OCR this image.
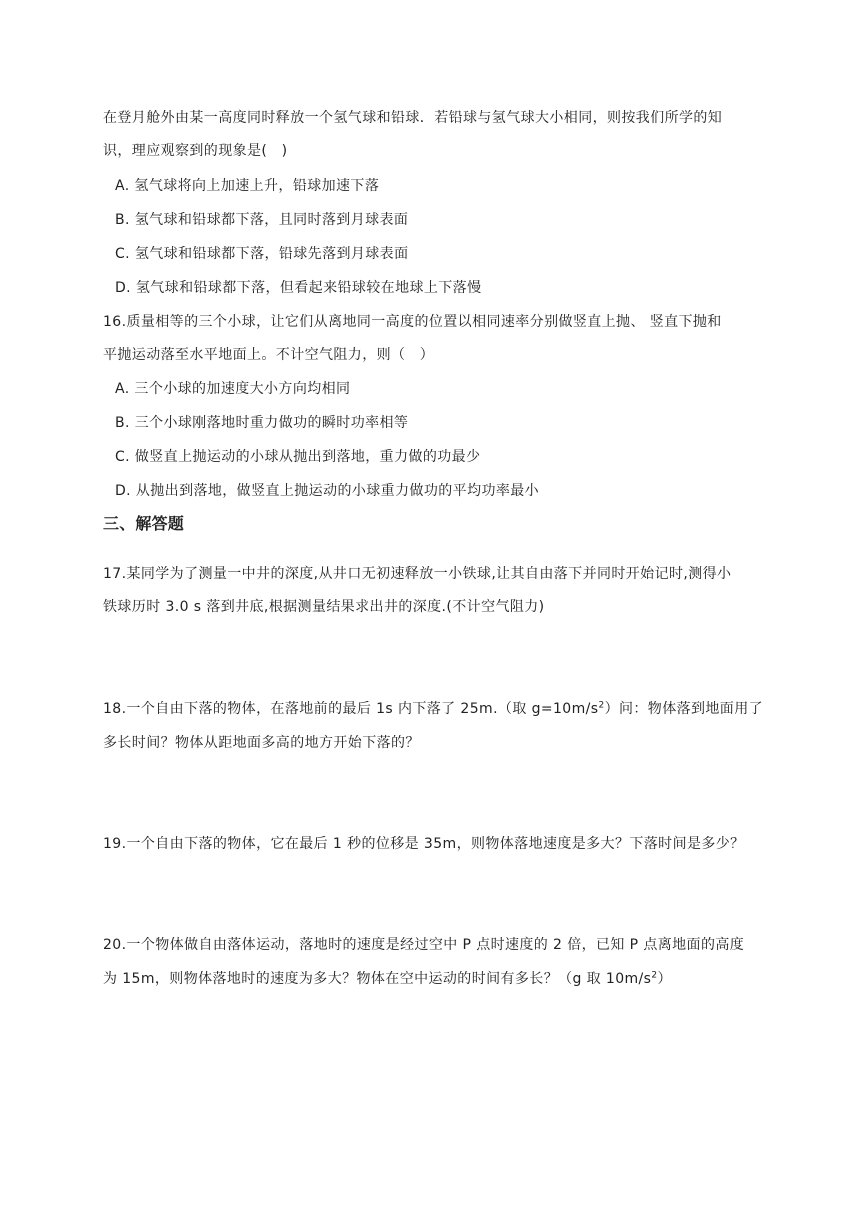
在登月舱外由某一高度同时释放一个氢气球和铅球．若铅球与氢气球大小相同，则按我们所学的知
识，理应观察到的现象是(　)
A. 氢气球将向上加速上升，铅球加速下落
B. 氢气球和铅球都下落，且同时落到月球表面
C. 氢气球和铅球都下落，铅球先落到月球表面
D. 氢气球和铅球都下落，但看起来铅球较在地球上下落慢
16.质量相等的三个小球，让它们从离地同一高度的位置以相同速率分别做竖直上抛、 竖直下抛和
平抛运动落至水平地面上。不计空气阻力，则（　）
A. 三个小球的加速度大小方向均相同
B. 三个小球刚落地时重力做功的瞬时功率相等
C. 做竖直上抛运动的小球从抛出到落地，重力做的功最少
D. 从抛出到落地，做竖直上抛运动的小球重力做功的平均功率最小
三、解答题
17.某同学为了测量一中井的深度,从井口无初速释放一小铁球,让其自由落下并同时开始记时,测得小
铁球历时 3.0 s 落到井底,根据测量结果求出井的深度.(不计空气阻力)
18.一个自由下落的物体，在落地前的最后 1s 内下落了 25m.（取 $g=10m/s^2$）问：物体落到地面用了
多长时间？物体从距地面多高的地方开始下落的？
19.一个自由下落的物体，它在最后 1 秒的位移是 35m，则物体落地速度是多大？下落时间是多少？
20.一个物体做自由落体运动，落地时的速度是经过空中 P 点时速度的 2 倍，已知 P 点离地面的高度
为 15m，则物体落地时的速度为多大？物体在空中运动的时间有多长？（g 取 $10m/s^2$）
